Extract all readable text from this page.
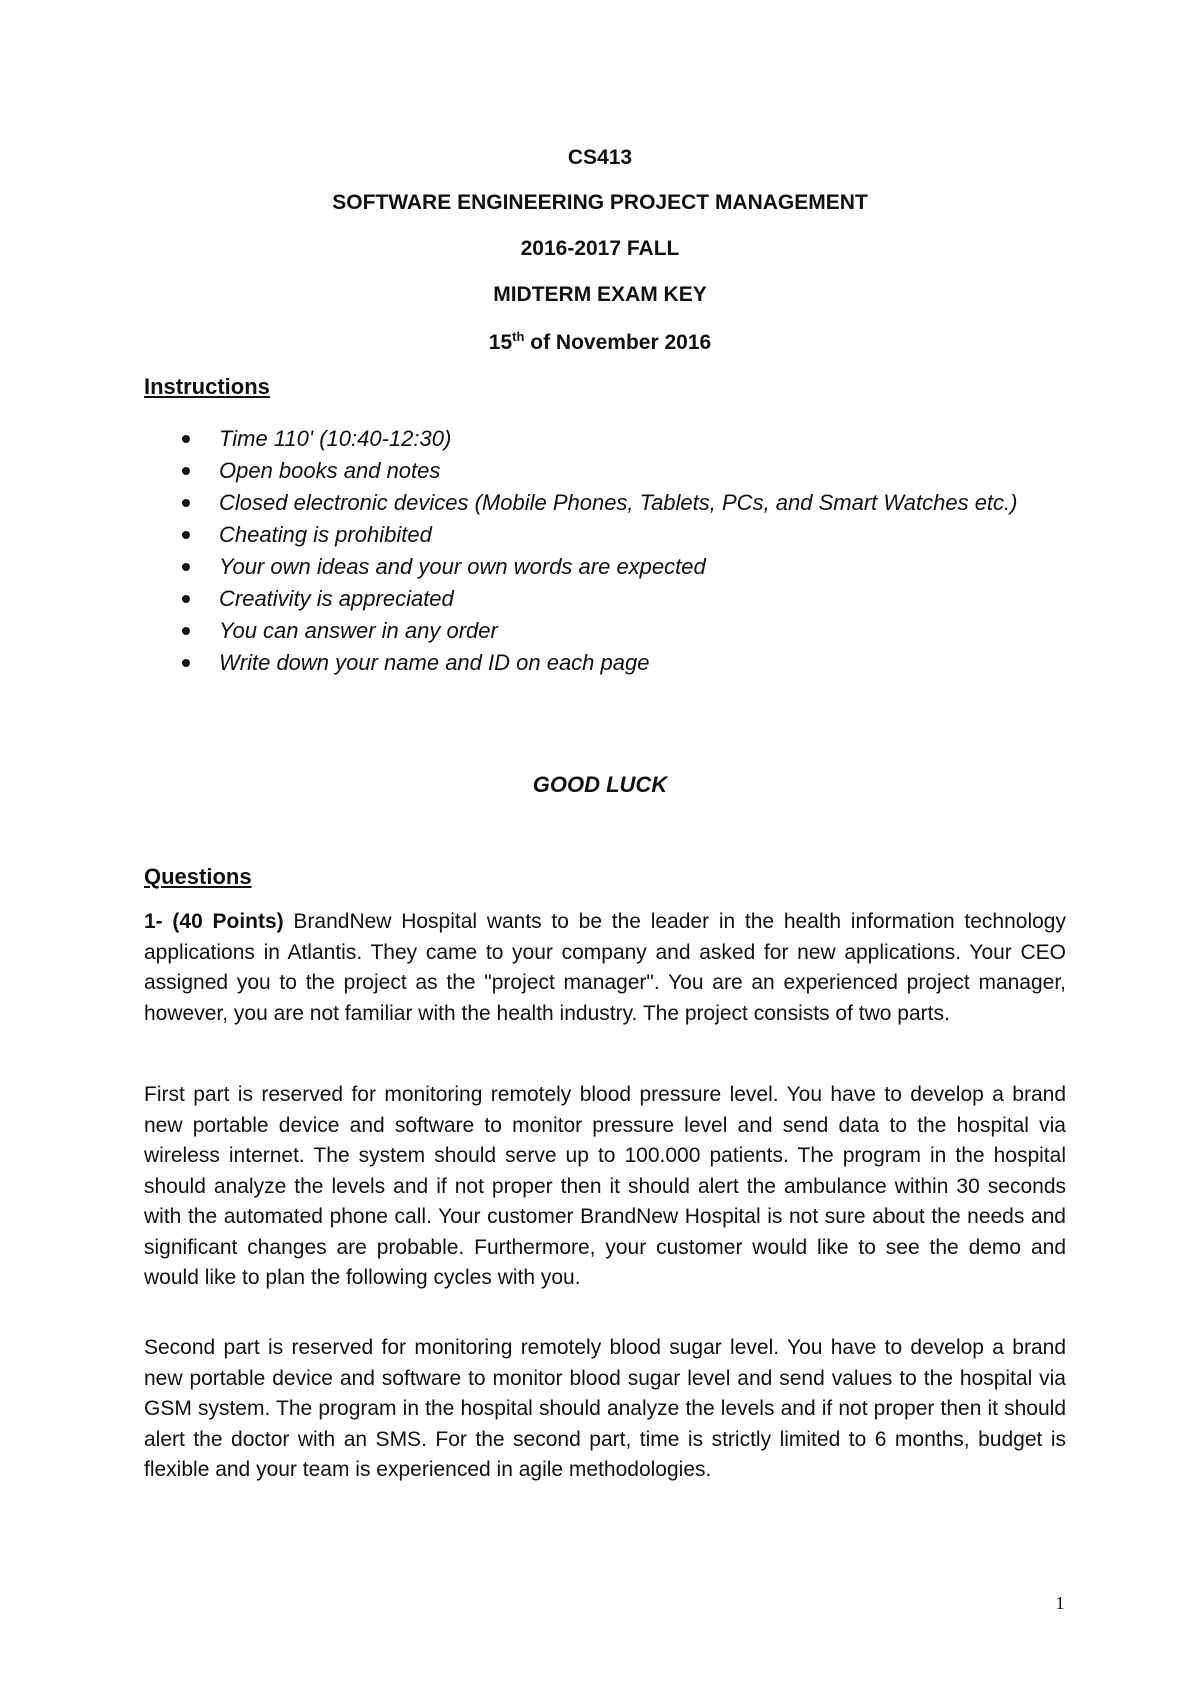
CS413
SOFTWARE ENGINEERING PROJECT MANAGEMENT
2016-2017 FALL
MIDTERM EXAM KEY
15th of November 2016
Instructions
Time 110' (10:40-12:30)
Open books and notes
Closed electronic devices (Mobile Phones, Tablets, PCs, and Smart Watches etc.)
Cheating is prohibited
Your own ideas and your own words are expected
Creativity is appreciated
You can answer in any order
Write down your name and ID on each page
GOOD LUCK
Questions

1- (40 Points) BrandNew Hospital wants to be the leader in the health information technology applications in Atlantis. They came to your company and asked for new applications. Your CEO assigned you to the project as the "project manager". You are an experienced project manager, however, you are not familiar with the health industry. The project consists of two parts.

First part is reserved for monitoring remotely blood pressure level. You have to develop a brand new portable device and software to monitor pressure level and send data to the hospital via wireless internet. The system should serve up to 100.000 patients. The program in the hospital should analyze the levels and if not proper then it should alert the ambulance within 30 seconds with the automated phone call. Your customer BrandNew Hospital is not sure about the needs and significant changes are probable. Furthermore, your customer would like to see the demo and would like to plan the following cycles with you.

Second part is reserved for monitoring remotely blood sugar level. You have to develop a brand new portable device and software to monitor blood sugar level and send values to the hospital via GSM system. The program in the hospital should analyze the levels and if not proper then it should alert the doctor with an SMS. For the second part, time is strictly limited to 6 months, budget is flexible and your team is experienced in agile methodologies.

1
